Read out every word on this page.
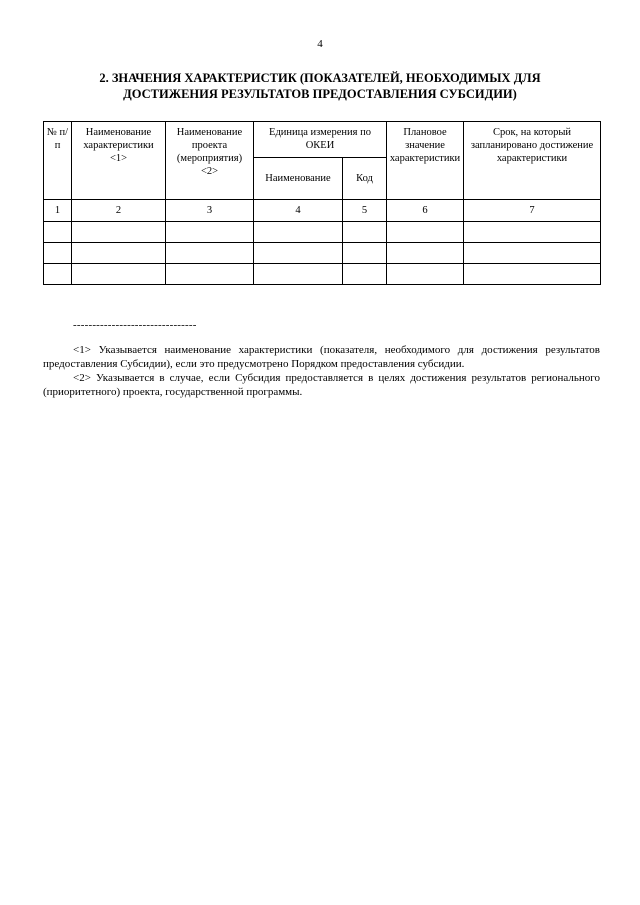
4
2. ЗНАЧЕНИЯ ХАРАКТЕРИСТИК (ПОКАЗАТЕЛЕЙ, НЕОБХОДИМЫХ ДЛЯ
ДОСТИЖЕНИЯ РЕЗУЛЬТАТОВ ПРЕДОСТАВЛЕНИЯ СУБСИДИИ)
№ п/п	Наименование характеристики <1>	Наименование проекта (мероприятия) <2>	Единица измерения по ОКЕИ		Плановое значение характеристики	Срок, на который запланировано достижение характеристики
			Наименование	Код		
1	2	3	4	5	6	7

--------------------------------

<1> Указывается наименование характеристики (показателя, необходимого для достижения результатов предоставления Субсидии), если это предусмотрено Порядком предоставления субсидии.

<2> Указывается в случае, если Субсидия предоставляется в целях достижения результатов регионального (приоритетного) проекта, государственной программы.
